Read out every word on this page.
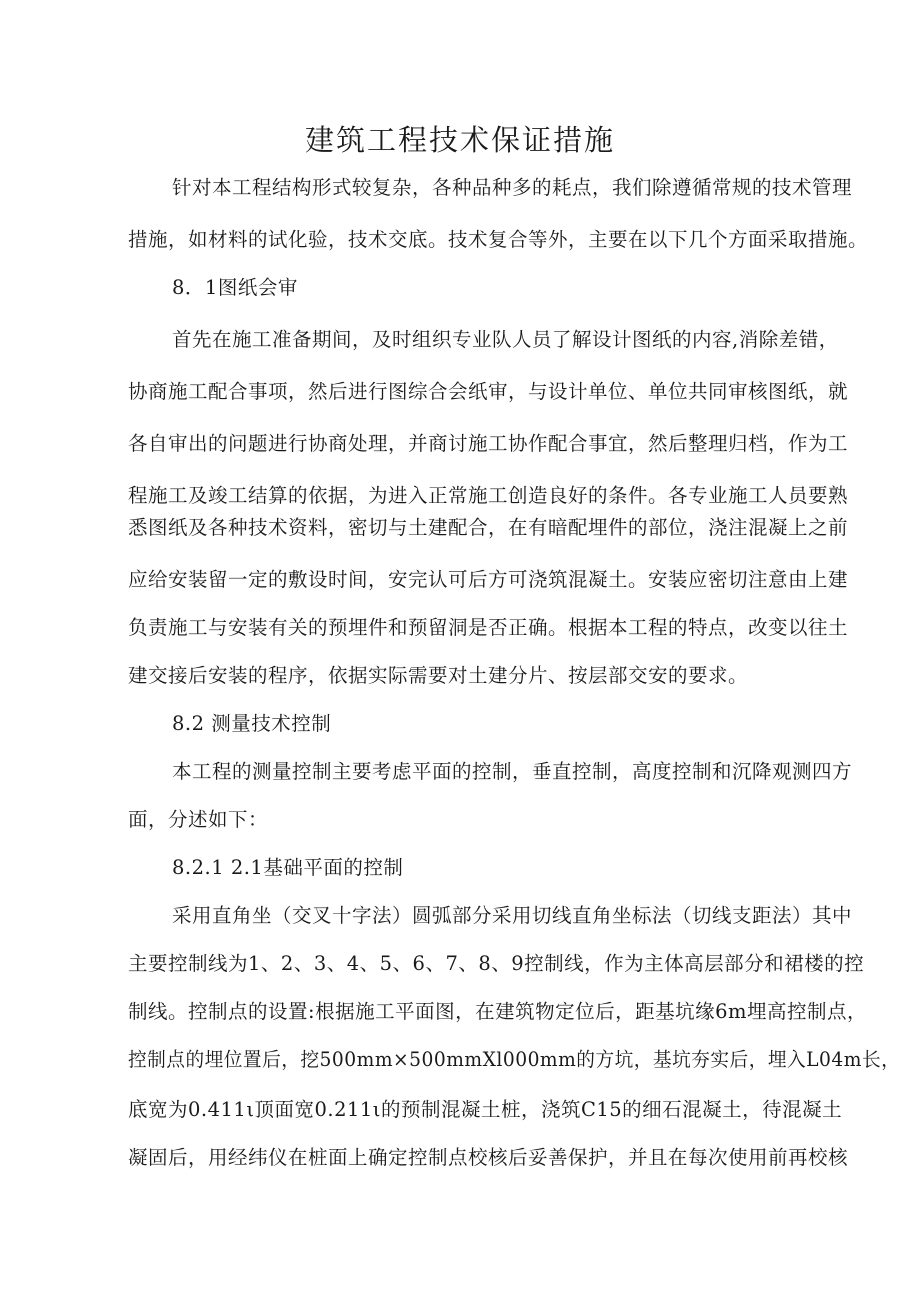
建筑工程技术保证措施
针对本工程结构形式较复杂，各种品种多的耗点，我们除遵循常规的技术管理
措施，如材料的试化验，技术交底。技术复合等外，主要在以下几个方面采取措施。
8．1图纸会审
首先在施工准备期间，及时组织专业队人员了解设计图纸的内容,消除差错，
协商施工配合事项，然后进行图综合会纸审，与设计单位、单位共同审核图纸，就
各自审出的问题进行协商处理，并商讨施工协作配合事宜，然后整理归档，作为工
程施工及竣工结算的依据，为进入正常施工创造良好的条件。各专业施工人员要熟
悉图纸及各种技术资料，密切与土建配合，在有暗配埋件的部位，浇注混凝上之前
应给安装留一定的敷设时间，安完认可后方可浇筑混凝土。安装应密切注意由上建
负责施工与安装有关的预埋件和预留洞是否正确。根据本工程的特点，改变以往土
建交接后安装的程序，依据实际需要对土建分片、按层部交安的要求。
8.2 测量技术控制
本工程的测量控制主要考虑平面的控制，垂直控制，高度控制和沉降观测四方
面，分述如下：
8.2.1 2.1基础平面的控制
采用直角坐（交叉十字法）圆弧部分采用切线直角坐标法（切线支距法）其中
主要控制线为1、2、3、4、5、6、7、8、9控制线，作为主体高层部分和裙楼的控
制线。控制点的设置:根据施工平面图，在建筑物定位后，距基坑缘6m埋高控制点，
控制点的埋位置后，挖500mm×500mmXl000mm的方坑，基坑夯实后，埋入L04m长，
底宽为0.411ι顶面宽0.211ι的预制混凝土桩，浇筑C15的细石混凝土，待混凝土
凝固后，用经纬仪在桩面上确定控制点校核后妥善保护，并且在每次使用前再校核
